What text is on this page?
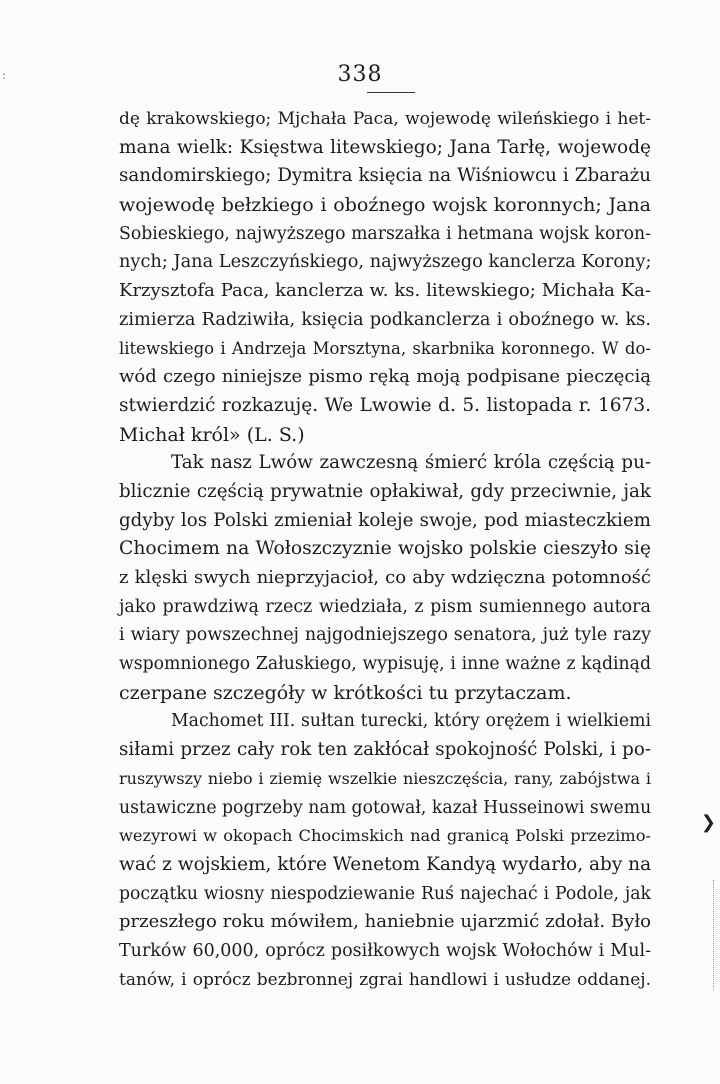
:	338
dę krakowskiego; Mjchała Paca, wojewodę wileńskiego i het-
mana wielk: Księstwa litewskiego; Jana Tarłę, wojewodę
sandomirskiego; Dymitra księcia na Wiśniowcu i Zbarażu
wojewodę bełzkiego i oboźnego wojsk koronnych; Jana
Sobieskiego, najwyższego marszałka i hetmana wojsk koron-
nych; Jana Leszczyńskiego, najwyższego kanclerza Korony;
Krzysztofa Paca, kanclerza w. ks. litewskiego; Michała Ka-
zimierza Radziwiła, księcia podkanclerza i oboźnego w. ks.
litewskiego i Andrzeja Morsztyna, skarbnika koronnego. W do-
wód czego niniejsze pismo ręką moją podpisane pieczęcią
stwierdzić rozkazuję. We Lwowie d. 5. listopada r. 1673.
Michał król» (L. S.)
Tak nasz Lwów zawczesną śmierć króla częścią pu-
blicznie częścią prywatnie opłakiwał, gdy przeciwnie, jak
gdyby los Polski zmieniał koleje swoje, pod miasteczkiem
Chocimem na Wołoszczyznie wojsko polskie cieszyło się
z klęski swych nieprzyjacioł, co aby wdzięczna potomność
jako prawdziwą rzecz wiedziała, z pism sumiennego autora
i wiary powszechnej najgodniejszego senatora, już tyle razy
wspomnionego Załuskiego, wypisuję, i inne ważne z kądinąd
czerpane szczegóły w krótkości tu przytaczam.
Machomet III. sułtan turecki, który orężem i wielkiemi
siłami przez cały rok ten zakłócał spokojność Polski, i po-
ruszywszy niebo i ziemię wszelkie nieszczęścia, rany, zabójstwa i
ustawiczne pogrzeby nam gotował, kazał Husseinowi swemu
wezyrowi w okopach Chocimskich nad granicą Polski przezimo-
wać z wojskiem, które Wenetom Kandyą wydarło, aby na
początku wiosny niespodziewanie Ruś najechać i Podole, jak
przeszłego roku mówiłem, haniebnie ujarzmić zdołał. Było
Turków 60,000, oprócz posiłkowych wojsk Wołochów i Mul-
tanów, i oprócz bezbronnej zgrai handlowi i usłudze oddanej.
❯
